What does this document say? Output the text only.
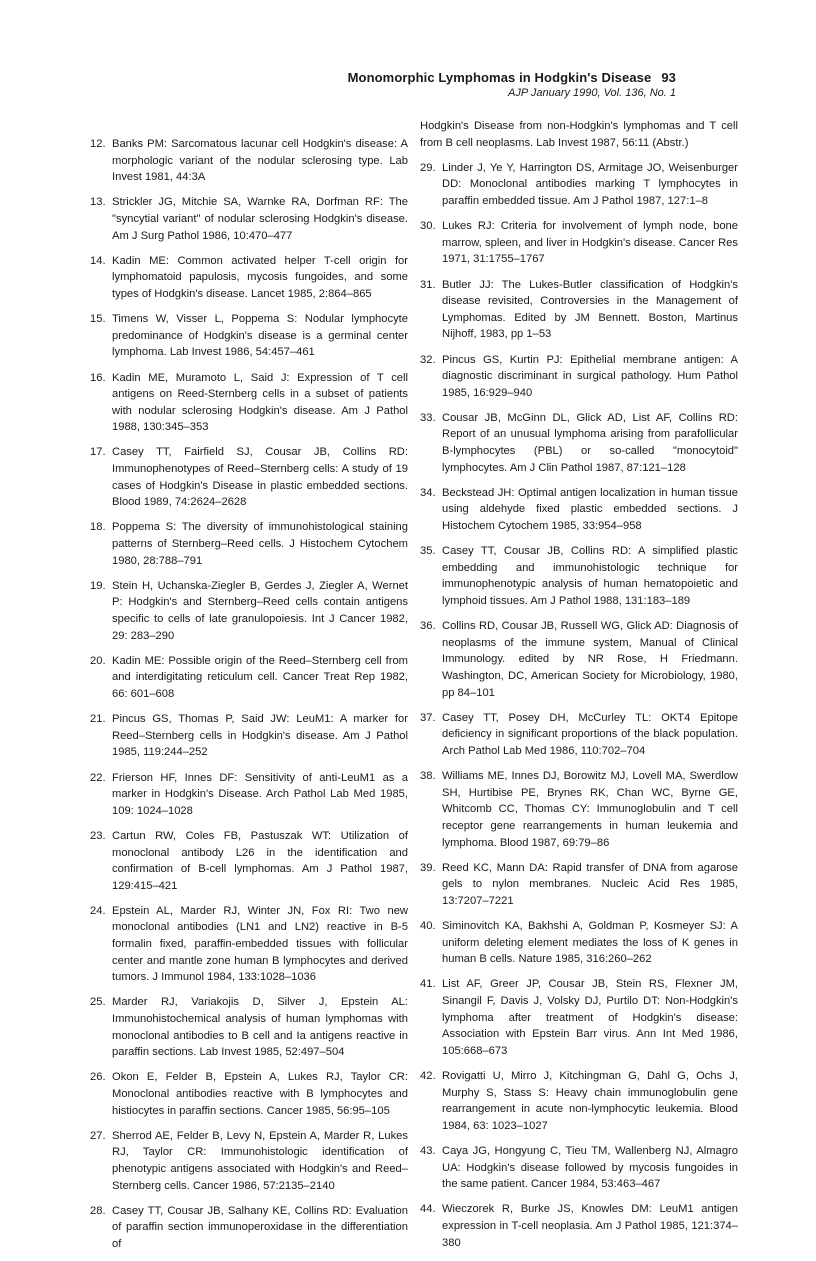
Monomorphic Lymphomas in Hodgkin's Disease 93
AJP January 1990, Vol. 136, No. 1
12. Banks PM: Sarcomatous lacunar cell Hodgkin's disease: A morphologic variant of the nodular sclerosing type. Lab Invest 1981, 44:3A
13. Strickler JG, Mitchie SA, Warnke RA, Dorfman RF: The "syncytial variant" of nodular sclerosing Hodgkin's disease. Am J Surg Pathol 1986, 10:470–477
14. Kadin ME: Common activated helper T-cell origin for lymphomatoid papulosis, mycosis fungoides, and some types of Hodgkin's disease. Lancet 1985, 2:864–865
15. Timens W, Visser L, Poppema S: Nodular lymphocyte predominance of Hodgkin's disease is a germinal center lymphoma. Lab Invest 1986, 54:457–461
16. Kadin ME, Muramoto L, Said J: Expression of T cell antigens on Reed-Sternberg cells in a subset of patients with nodular sclerosing Hodgkin's disease. Am J Pathol 1988, 130:345–353
17. Casey TT, Fairfield SJ, Cousar JB, Collins RD: Immunophenotypes of Reed–Sternberg cells: A study of 19 cases of Hodgkin's Disease in plastic embedded sections. Blood 1989, 74:2624–2628
18. Poppema S: The diversity of immunohistological staining patterns of Sternberg–Reed cells. J Histochem Cytochem 1980, 28:788–791
19. Stein H, Uchanska-Ziegler B, Gerdes J, Ziegler A, Wernet P: Hodgkin's and Sternberg–Reed cells contain antigens specific to cells of late granulopoiesis. Int J Cancer 1982, 29: 283–290
20. Kadin ME: Possible origin of the Reed–Sternberg cell from and interdigitating reticulum cell. Cancer Treat Rep 1982, 66: 601–608
21. Pincus GS, Thomas P, Said JW: LeuM1: A marker for Reed–Sternberg cells in Hodgkin's disease. Am J Pathol 1985, 119:244–252
22. Frierson HF, Innes DF: Sensitivity of anti-LeuM1 as a marker in Hodgkin's Disease. Arch Pathol Lab Med 1985, 109: 1024–1028
23. Cartun RW, Coles FB, Pastuszak WT: Utilization of monoclonal antibody L26 in the identification and confirmation of B-cell lymphomas. Am J Pathol 1987, 129:415–421
24. Epstein AL, Marder RJ, Winter JN, Fox RI: Two new monoclonal antibodies (LN1 and LN2) reactive in B-5 formalin fixed, paraffin-embedded tissues with follicular center and mantle zone human B lymphocytes and derived tumors. J Immunol 1984, 133:1028–1036
25. Marder RJ, Variakojis D, Silver J, Epstein AL: Immunohistochemical analysis of human lymphomas with monoclonal antibodies to B cell and Ia antigens reactive in paraffin sections. Lab Invest 1985, 52:497–504
26. Okon E, Felder B, Epstein A, Lukes RJ, Taylor CR: Monoclonal antibodies reactive with B lymphocytes and histiocytes in paraffin sections. Cancer 1985, 56:95–105
27. Sherrod AE, Felder B, Levy N, Epstein A, Marder R, Lukes RJ, Taylor CR: Immunohistologic identification of phenotypic antigens associated with Hodgkin's and Reed–Sternberg cells. Cancer 1986, 57:2135–2140
28. Casey TT, Cousar JB, Salhany KE, Collins RD: Evaluation of paraffin section immunoperoxidase in the differentiation of
Hodgkin's Disease from non-Hodgkin's lymphomas and T cell from B cell neoplasms. Lab Invest 1987, 56:11 (Abstr.)
29. Linder J, Ye Y, Harrington DS, Armitage JO, Weisenburger DD: Monoclonal antibodies marking T lymphocytes in paraffin embedded tissue. Am J Pathol 1987, 127:1–8
30. Lukes RJ: Criteria for involvement of lymph node, bone marrow, spleen, and liver in Hodgkin's disease. Cancer Res 1971, 31:1755–1767
31. Butler JJ: The Lukes-Butler classification of Hodgkin's disease revisited, Controversies in the Management of Lymphomas. Edited by JM Bennett. Boston, Martinus Nijhoff, 1983, pp 1–53
32. Pincus GS, Kurtin PJ: Epithelial membrane antigen: A diagnostic discriminant in surgical pathology. Hum Pathol 1985, 16:929–940
33. Cousar JB, McGinn DL, Glick AD, List AF, Collins RD: Report of an unusual lymphoma arising from parafollicular B-lymphocytes (PBL) or so-called "monocytoid" lymphocytes. Am J Clin Pathol 1987, 87:121–128
34. Beckstead JH: Optimal antigen localization in human tissue using aldehyde fixed plastic embedded sections. J Histochem Cytochem 1985, 33:954–958
35. Casey TT, Cousar JB, Collins RD: A simplified plastic embedding and immunohistologic technique for immunophenotypic analysis of human hematopoietic and lymphoid tissues. Am J Pathol 1988, 131:183–189
36. Collins RD, Cousar JB, Russell WG, Glick AD: Diagnosis of neoplasms of the immune system, Manual of Clinical Immunology. edited by NR Rose, H Friedmann. Washington, DC, American Society for Microbiology, 1980, pp 84–101
37. Casey TT, Posey DH, McCurley TL: OKT4 Epitope deficiency in significant proportions of the black population. Arch Pathol Lab Med 1986, 110:702–704
38. Williams ME, Innes DJ, Borowitz MJ, Lovell MA, Swerdlow SH, Hurtibise PE, Brynes RK, Chan WC, Byrne GE, Whitcomb CC, Thomas CY: Immunoglobulin and T cell receptor gene rearrangements in human leukemia and lymphoma. Blood 1987, 69:79–86
39. Reed KC, Mann DA: Rapid transfer of DNA from agarose gels to nylon membranes. Nucleic Acid Res 1985, 13:7207–7221
40. Siminovitch KA, Bakhshi A, Goldman P, Kosmeyer SJ: A uniform deleting element mediates the loss of K genes in human B cells. Nature 1985, 316:260–262
41. List AF, Greer JP, Cousar JB, Stein RS, Flexner JM, Sinangil F, Davis J, Volsky DJ, Purtilo DT: Non-Hodgkin's lymphoma after treatment of Hodgkin's disease: Association with Epstein Barr virus. Ann Int Med 1986, 105:668–673
42. Rovigatti U, Mirro J, Kitchingman G, Dahl G, Ochs J, Murphy S, Stass S: Heavy chain immunoglobulin gene rearrangement in acute non-lymphocytic leukemia. Blood 1984, 63: 1023–1027
43. Caya JG, Hongyung C, Tieu TM, Wallenberg NJ, Almagro UA: Hodgkin's disease followed by mycosis fungoides in the same patient. Cancer 1984, 53:463–467
44. Wieczorek R, Burke JS, Knowles DM: LeuM1 antigen expression in T-cell neoplasia. Am J Pathol 1985, 121:374–380
